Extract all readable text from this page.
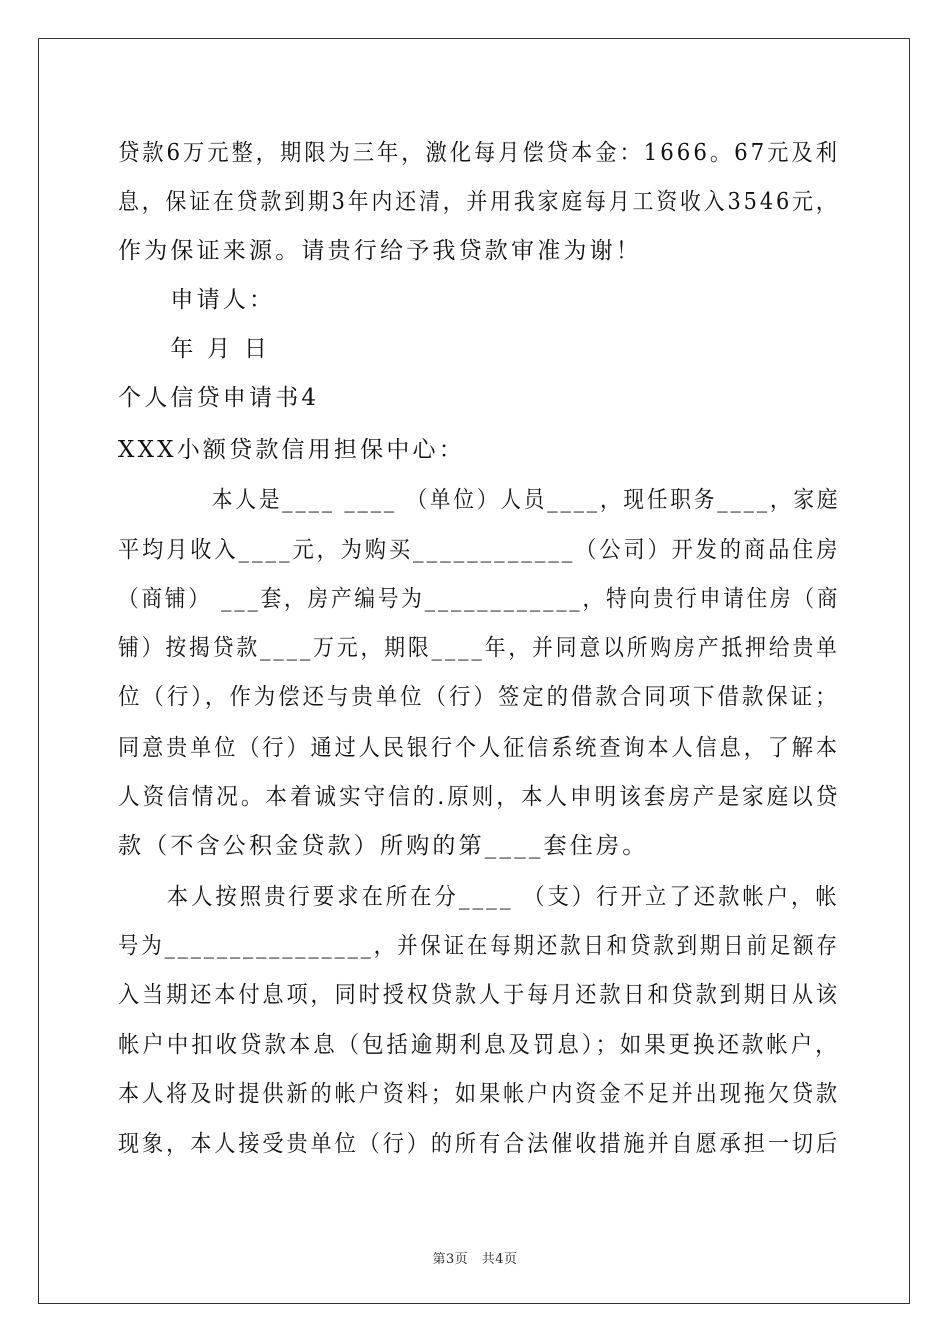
贷款6万元整，期限为三年，激化每月偿贷本金：1666。67元及利
息，保证在贷款到期3年内还清，并用我家庭每月工资收入3546元，
作为保证来源。请贵行给予我贷款审准为谢！
　　申请人：
　　年 月 日
个人信贷申请书4
XXX小额贷款信用担保中心：
　　　　本人是____ ____ （单位）人员____，现任职务____，家庭
平均月收入____元，为购买____________（公司）开发的商品住房
（商铺） ___套，房产编号为____________，特向贵行申请住房（商
铺）按揭贷款____万元，期限____年，并同意以所购房产抵押给贵单
位（行），作为偿还与贵单位（行）签定的借款合同项下借款保证；
同意贵单位（行）通过人民银行个人征信系统查询本人信息，了解本
人资信情况。本着诚实守信的.原则，本人申明该套房产是家庭以贷
款（不含公积金贷款）所购的第____套住房。
　　本人按照贵行要求在所在分____ （支）行开立了还款帐户，帐
号为________________，并保证在每期还款日和贷款到期日前足额存
入当期还本付息项，同时授权贷款人于每月还款日和贷款到期日从该
帐户中扣收贷款本息（包括逾期利息及罚息）；如果更换还款帐户，
本人将及时提供新的帐户资料；如果帐户内资金不足并出现拖欠贷款
现象，本人接受贵单位（行）的所有合法催收措施并自愿承担一切后
第3页　共4页
